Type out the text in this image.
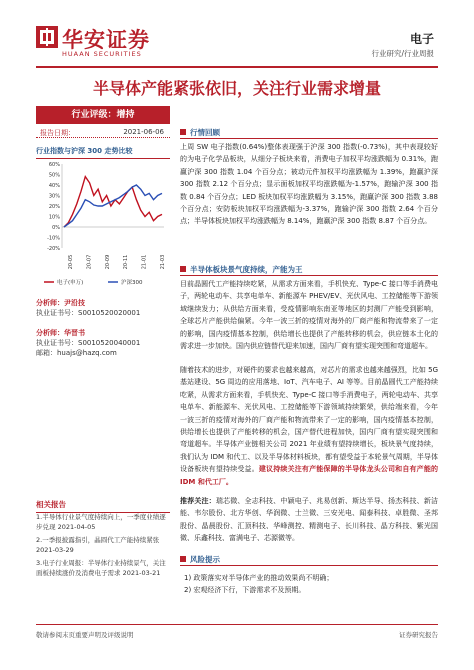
华安证券
HUAAN SECURITIES
电子
行业研究/行业周报
半导体产能紧张依旧，关注行业需求增量
行业评级：增持
报告日期：	2021-06-06
行业指数与沪深 300 走势比较
-20%
-10%
0%
10%
20%
30%
40%
50%
60%
20-05 20-07 20-09 20-11 21-01 21-03
电子(申万)	沪深300
分析师：尹沿技
执业证书号：S0010520020001
分析师：华晋书
执业证书号：S0010520040001
邮箱：huajs@hazq.com
相关报告
1.半导体行业景气度持续向上，一季度业绩逐步兑现 2021-04-05
2.一季报披露指引，晶圆代工产能持续紧张 2021-03-29
3.电子行业周报：半导体行业持续景气，关注面板持续涨价及消费电子需求 2021-03-21
行情回顾
上周 SW 电子指数(0.64%)整体表现强于沪深 300 指数(-0.73%)，其中表现较好的为电子化学品板块，从细分子板块来看，消费电子加权平均涨跌幅为 0.31%，跑赢沪深 300 指数 1.04 个百分点；被动元件加权平均涨跌幅为 1.39%，跑赢沪深 300 指数 2.12 个百分点；显示面板加权平均涨跌幅为-1.57%，跑输沪深 300 指数 0.84 个百分点；LED 板块加权平均涨跌幅为 3.15%，跑赢沪深 300 指数 3.88 个百分点；安防板块加权平均涨跌幅为-3.37%，跑输沪深 300 指数 2.64 个百分点；半导体板块加权平均涨跌幅为 8.14%，跑赢沪深 300 指数 8.87 个百分点。
半导体板块景气度持续，产能为王
目前晶圆代工产能持续吃紧，从需求方面来看，手机快充、Type-C 接口等手消费电子，两轮电动车、共享电单车、新能源车 PHEV/EV、光伏风电、工控储能等下游领域继续发力；从供给方面来看，受疫情影响东南亚等地区的封测厂产能受到影响，全球芯片产能供给偏紧。今年一波三折的疫情对海外的厂商产能和物流带来了一定的影响，国内疫情基本控制，供给增长也提供了产能转移的机会，供应链本土化的需求进一步加快。国内供应链替代迎来加速，国内厂商有望实现突围和弯道超车。
随着技术的进步，对硬件的要求也越来越高，对芯片的需求也越来越强烈，比如 5G 基站建设、5G 周边的应用落地、IoT、汽车电子、AI 等等。目前晶圆代工产能持续吃紧，从需求方面来看，手机快充、Type-C 接口等手消费电子，两轮电动车、共享电单车、新能源车、光伏风电、工控储能等下游领域持续繁荣，供给端来看，今年一波三折的疫情对海外的厂商产能和物流带来了一定的影响，国内疫情基本控制，供给增长也提供了产能转移的机会，国产替代进程加快，国内厂商有望实现突围和弯道超车。半导体产业链相关公司 2021 年业绩有望持续增长，板块景气度持续，我们认为 IDM 和代工、以及半导体材料板块，都有望受益于本轮景气周期，半导体设备板块有望持续受益。建议持续关注有产能保障的半导体龙头公司和自有产能的 IDM 和代工厂。
推荐关注：瑞芯微、全志科技、中颖电子、兆易创新、斯达半导、扬杰科技、新洁能、韦尔股份、北方华创、华润微、士兰微、三安光电、闻泰科技、卓胜微、圣邦股份、晶晨股份、汇顶科技、华峰测控、精测电子、长川科技、晶方科技、紫光国微、乐鑫科技、富满电子、芯源微等。
风险提示
1) 政策落实对半导体产业的推动效果尚不明确；
2) 宏观经济下行，下游需求不及预期。
敬请参阅末页重要声明及评级说明	证券研究报告
